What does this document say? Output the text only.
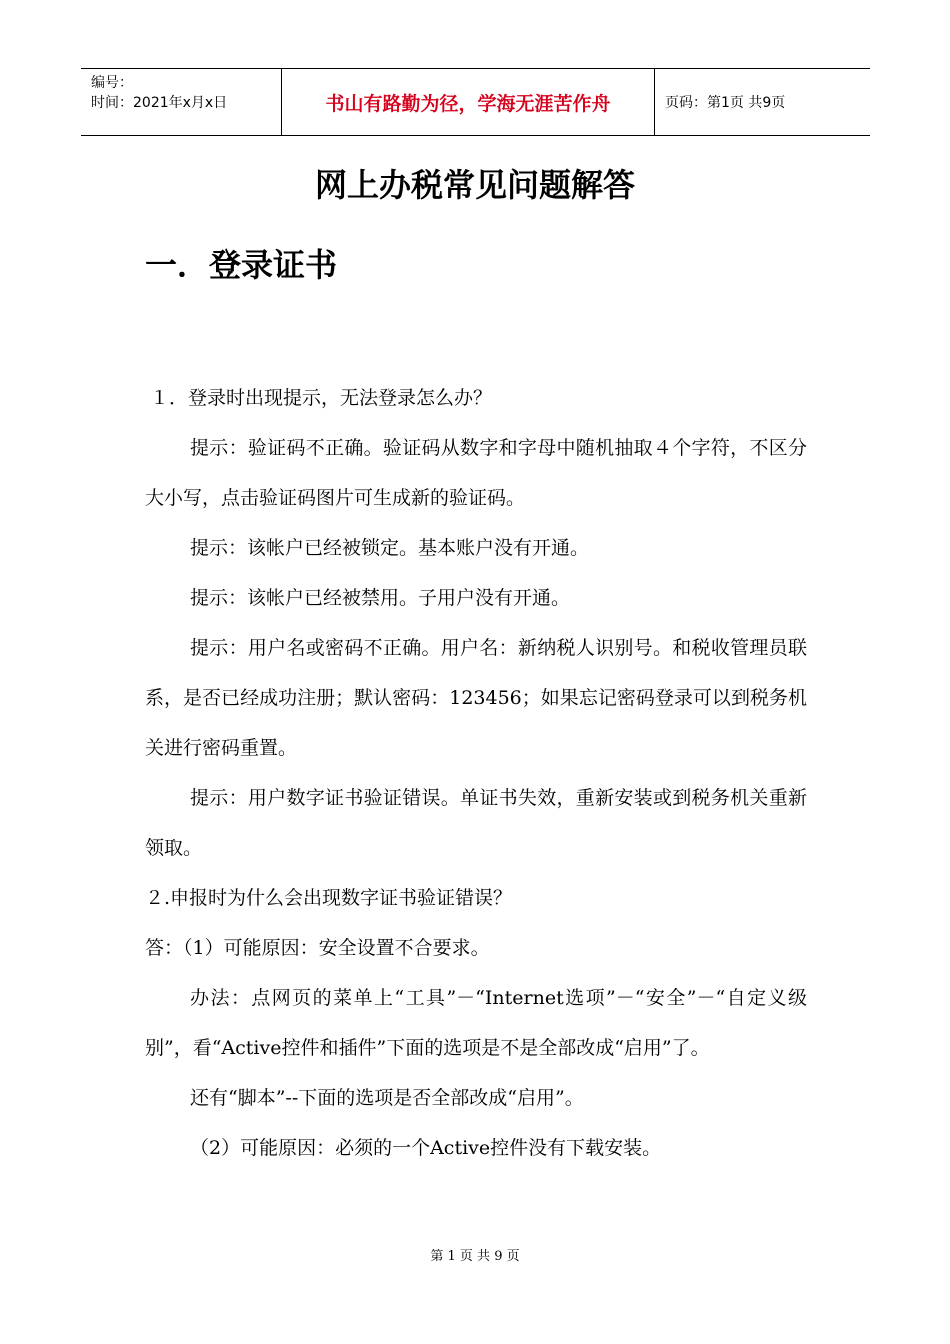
编号：
时间：2021年x月x日	书山有路勤为径，学海无涯苦作舟	页码：第1页 共9页
网上办税常见问题解答
一．登录证书

１．登录时出现提示，无法登录怎么办？

提示：验证码不正确。验证码从数字和字母中随机抽取４个字符，不区分大小写，点击验证码图片可生成新的验证码。

提示：该帐户已经被锁定。基本账户没有开通。

提示：该帐户已经被禁用。子用户没有开通。

提示：用户名或密码不正确。用户名：新纳税人识别号。和税收管理员联系，是否已经成功注册；默认密码：123456；如果忘记密码登录可以到税务机关进行密码重置。

提示：用户数字证书验证错误。单证书失效，重新安装或到税务机关重新领取。

２.申报时为什么会出现数字证书验证错误？

答：（1）可能原因：安全设置不合要求。

办法：点网页的菜单上“工具”－“Internet选项”－“安全”－“自定义级别”，看“Active控件和插件”下面的选项是不是全部改成“启用”了。

还有“脚本”--下面的选项是否全部改成“启用”。

（2）可能原因：必须的一个Active控件没有下载安装。

第 1 页 共 9 页
